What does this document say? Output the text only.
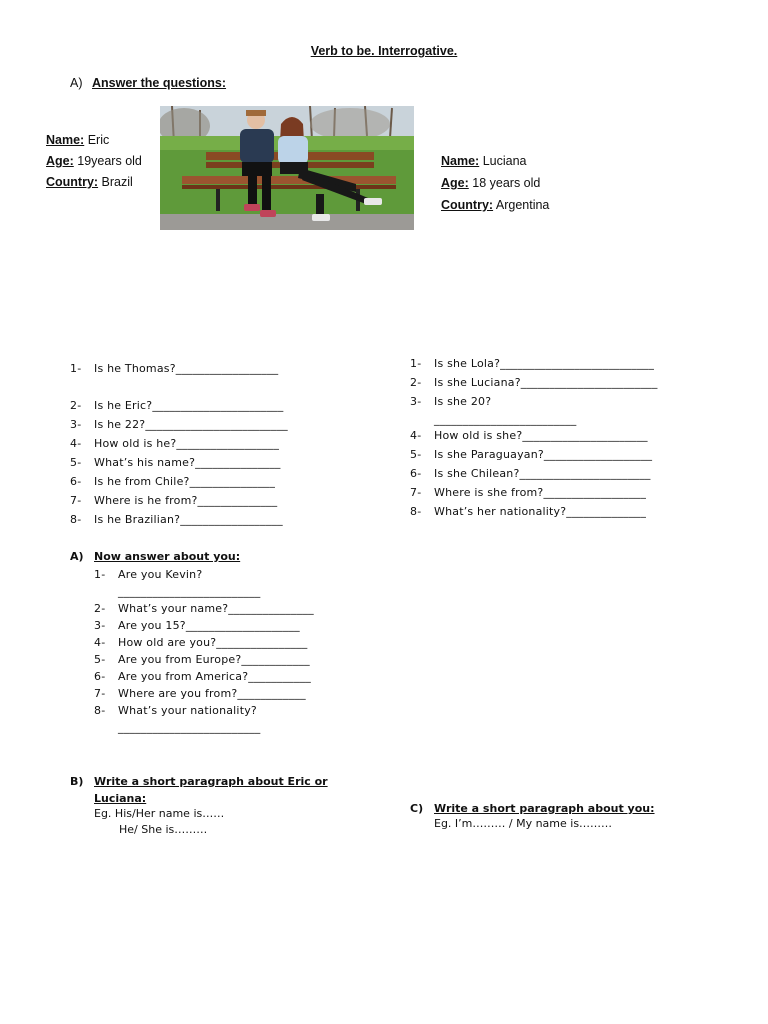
Verb to be. Interrogative.
A) Answer the questions:
Name: Eric
Age: 19years old
Country: Brazil
Name: Luciana
Age: 18 years old
Country: Argentina
1- Is he Thomas?__________________
2- Is he Eric?_______________________
3- Is he 22?_________________________
4- How old is he?__________________
5- What’s his name?_______________
6- Is he from Chile?_______________
7- Where is he from?______________
8- Is he Brazilian?__________________
1- Is she Lola?___________________________
2- Is she Luciana?________________________
3- Is she 20?
_________________________
4- How old is she?______________________
5- Is she Paraguayan?___________________
6- Is she Chilean?_______________________
7- Where is she from?__________________
8- What’s her nationality?______________
A) Now answer about you:
1- Are you Kevin?
_________________________
2- What’s your name?_______________
3- Are you 15?____________________
4- How old are you?________________
5- Are you from Europe?____________
6- Are you from America?___________
7- Where are you from?____________
8- What’s your nationality?
_________________________
B) Write a short paragraph about Eric or
Luciana:
Eg. His/Her name is……
He/ She is………
C) Write a short paragraph about you:
Eg. I’m……… / My name is………
